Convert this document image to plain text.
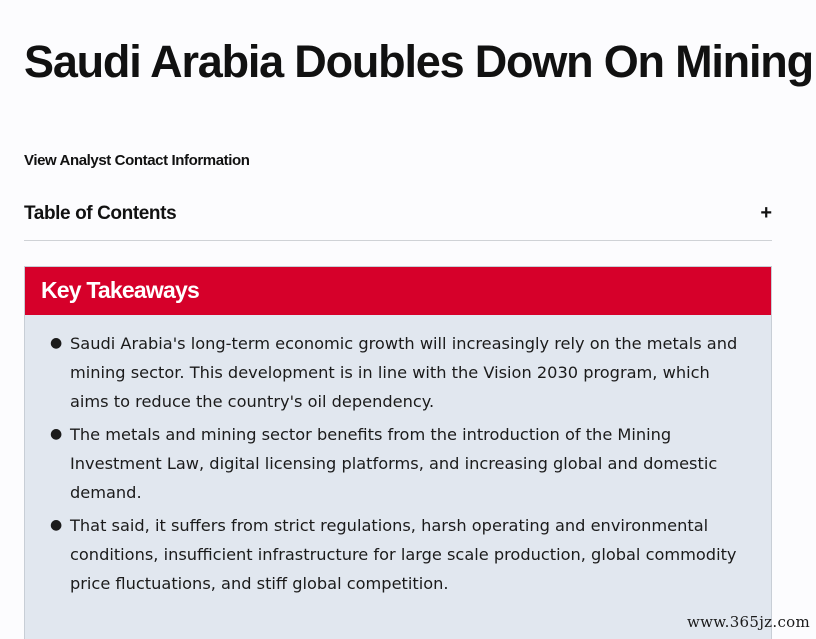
Saudi Arabia Doubles Down On Mining
View Analyst Contact Information
Table of Contents	+
Key Takeaways
● Saudi Arabia's long-term economic growth will increasingly rely on the metals and mining sector. This development is in line with the Vision 2030 program, which aims to reduce the country's oil dependency.
● The metals and mining sector benefits from the introduction of the Mining Investment Law, digital licensing platforms, and increasing global and domestic demand.
● That said, it suffers from strict regulations, harsh operating and environmental conditions, insufficient infrastructure for large scale production, global commodity price fluctuations, and stiff global competition.
www.365jz.com
